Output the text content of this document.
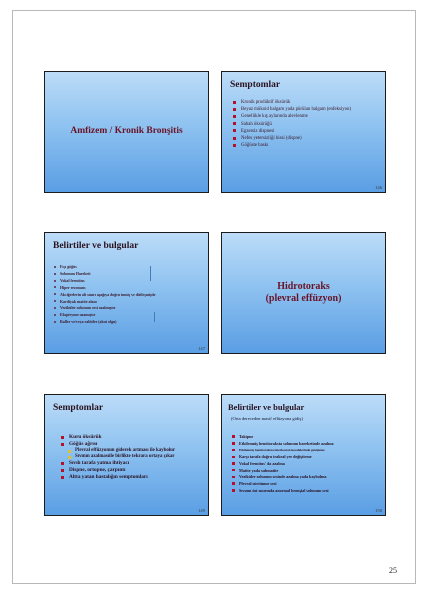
Amfizem / Kronik Bronşitis
Semptomlar
Kronik prodüktif öksürük
Beyaz mükoid balgam yada pürülan balgam (enfeksiyon)
Genellikle kış aylarında alevlenme
Sabah öksürüğü
Egzersiz dispnesi
Nefes yetersizliği hissi (dispne)
Göğüste baskı
146
Belirtiler ve bulgular
Fıçı göğüs
Solunum Hareketi
Vokal fremitus
Hiper rezonans
Akciğerlerin alt sınırı aşağıya doğru inmiş ve dütleşmiştir
Kardiyak matite alanı
Veziküler solunum sesi azalmıştır
Ekspiryum uzamıştır
Raller ve/veya ralütler (akut olgu)
147
Hidrotoraks
(plevral effüzyon)
Semptomlar
Kuru öksürük
Göğüs ağrısı
Plevral effüzyonun giderek artması ile kaybolur
Sıvının azalmasıile birlikte tekrara ortaya çıkar
Sıvılı tarafa yatma ihtiyacı
Dispne, ortopne, çarpıntı
Altta yatan hastalığın semptomları
149
Belirtiler ve bulgular
(Orta dereceden masif effüzyona gidiş)
Takipne
Etkilenmiş hemitoraksta solunum hareketinde azalma
Etkilenmiş hemitoraksta interkostal mesafelerinde genişleme
Karşı tarafa doğru trakeal yer değiştirme
Vokal fremitus' da azalma
Matite yada submatite
Veziküler solunum sesinde azalma yada kaybolma
Plevral sürtünme sesi
Sıvının üst sınırında anormal bronşial solunum sesi
150
25
